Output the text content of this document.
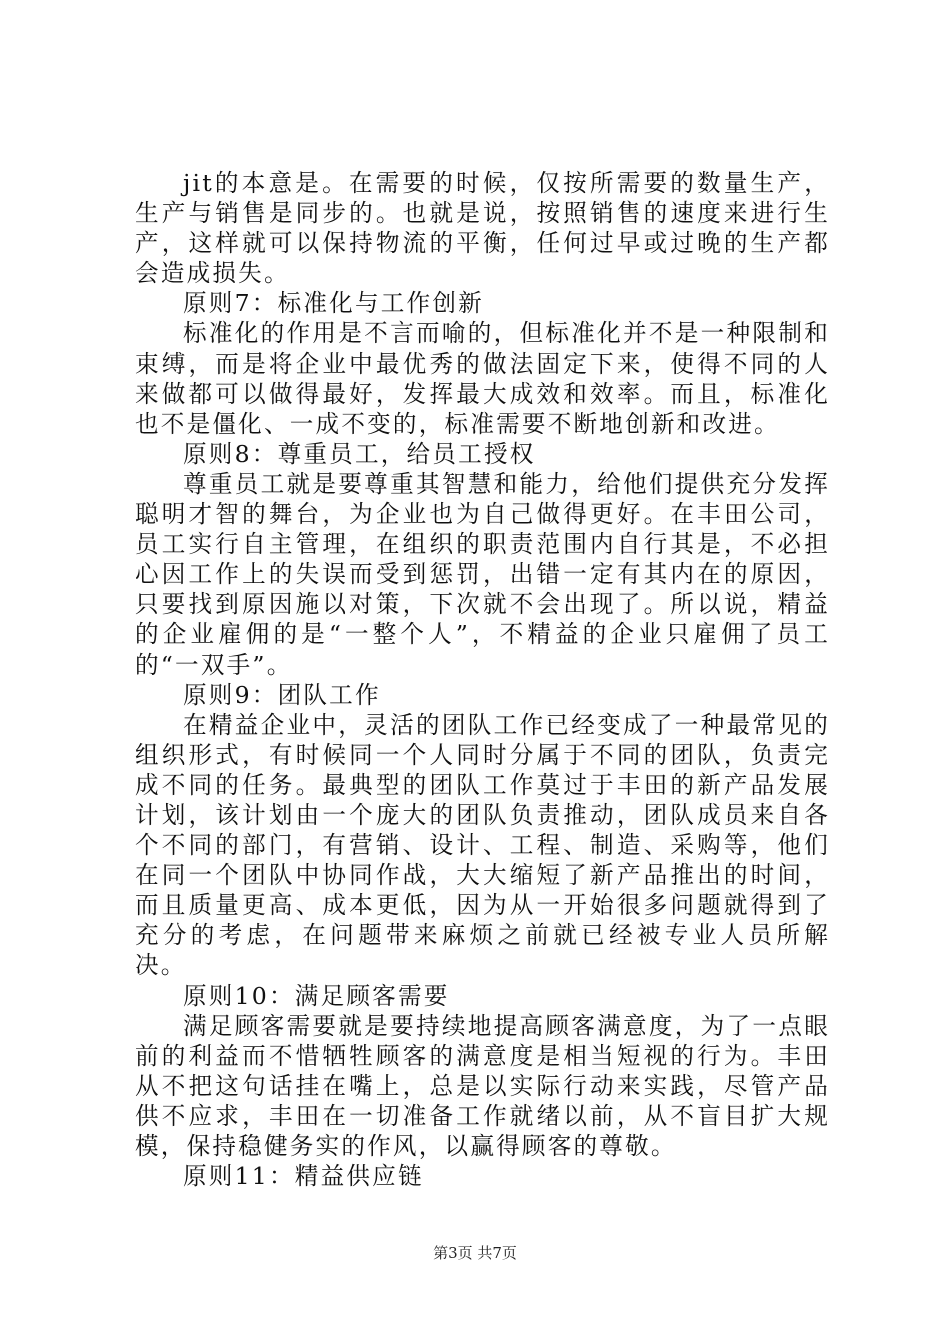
jit的本意是。在需要的时候，仅按所需要的数量生产，生产与销售是同步的。也就是说，按照销售的速度来进行生产，这样就可以保持物流的平衡，任何过早或过晚的生产都会造成损失。

原则7：标准化与工作创新

标准化的作用是不言而喻的，但标准化并不是一种限制和束缚，而是将企业中最优秀的做法固定下来，使得不同的人来做都可以做得最好，发挥最大成效和效率。而且，标准化也不是僵化、一成不变的，标准需要不断地创新和改进。

原则8：尊重员工，给员工授权

尊重员工就是要尊重其智慧和能力，给他们提供充分发挥聪明才智的舞台，为企业也为自己做得更好。在丰田公司，员工实行自主管理，在组织的职责范围内自行其是，不必担心因工作上的失误而受到惩罚，出错一定有其内在的原因，只要找到原因施以对策，下次就不会出现了。所以说，精益的企业雇佣的是“一整个人”，不精益的企业只雇佣了员工的“一双手”。

原则9：团队工作

在精益企业中，灵活的团队工作已经变成了一种最常见的组织形式，有时候同一个人同时分属于不同的团队，负责完成不同的任务。最典型的团队工作莫过于丰田的新产品发展计划，该计划由一个庞大的团队负责推动，团队成员来自各个不同的部门，有营销、设计、工程、制造、采购等，他们在同一个团队中协同作战，大大缩短了新产品推出的时间，而且质量更高、成本更低，因为从一开始很多问题就得到了充分的考虑，在问题带来麻烦之前就已经被专业人员所解决。

原则10：满足顾客需要

满足顾客需要就是要持续地提高顾客满意度，为了一点眼前的利益而不惜牺牲顾客的满意度是相当短视的行为。丰田从不把这句话挂在嘴上，总是以实际行动来实践，尽管产品供不应求，丰田在一切准备工作就绪以前，从不盲目扩大规模，保持稳健务实的作风，以赢得顾客的尊敬。

原则11：精益供应链

第3页 共7页
